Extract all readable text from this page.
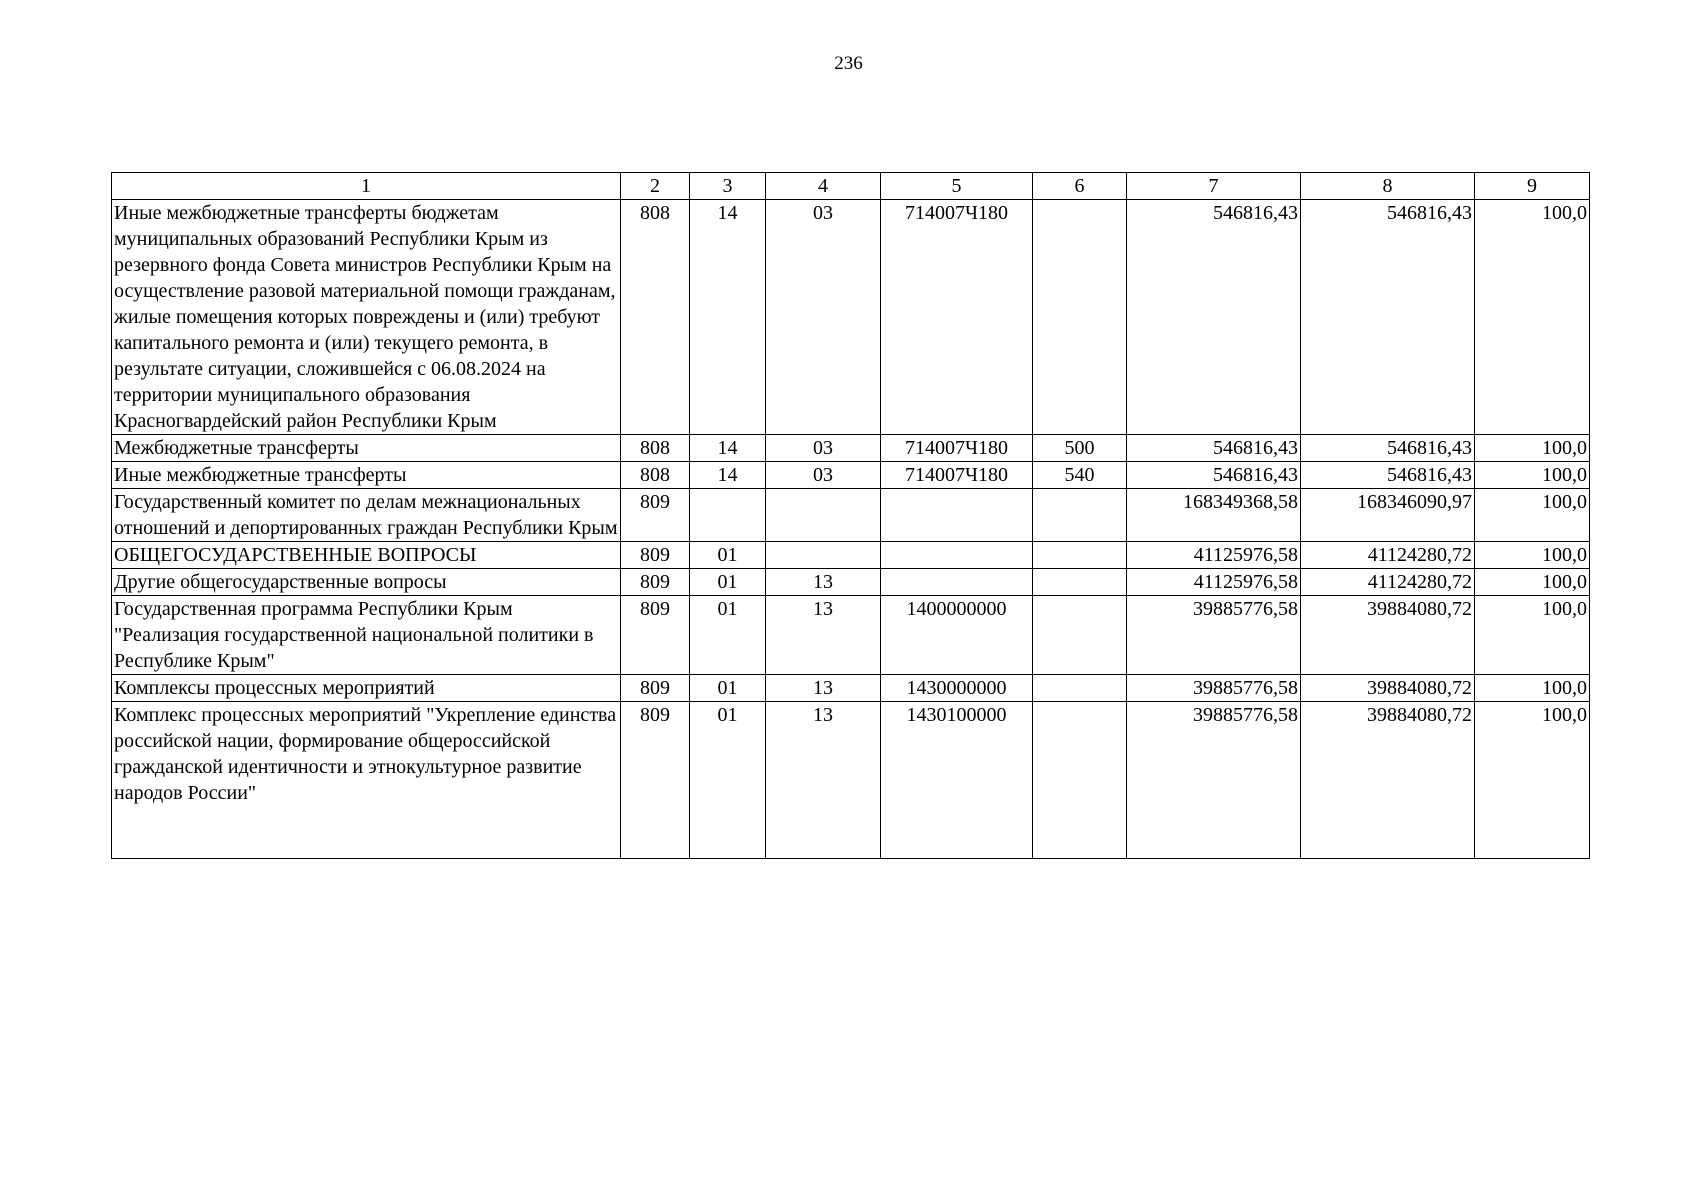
236
1	2	3	4	5	6	7	8	9
Иные межбюджетные трансферты бюджетам муниципальных образований Республики Крым из резервного фонда Совета министров Республики Крым на осуществление разовой материальной помощи гражданам, жилые помещения которых повреждены и (или) требуют капитального ремонта и (или) текущего ремонта, в результате ситуации, сложившейся с 06.08.2024 на территории муниципального образования Красногвардейский район Республики Крым	808	14	03	714007Ч180		546816,43	546816,43	100,0
Межбюджетные трансферты	808	14	03	714007Ч180	500	546816,43	546816,43	100,0
Иные межбюджетные трансферты	808	14	03	714007Ч180	540	546816,43	546816,43	100,0
Государственный комитет по делам межнациональных отношений и депортированных граждан Республики Крым	809					168349368,58	168346090,97	100,0
ОБЩЕГОСУДАРСТВЕННЫЕ ВОПРОСЫ	809	01				41125976,58	41124280,72	100,0
Другие общегосударственные вопросы	809	01	13			41125976,58	41124280,72	100,0
Государственная программа Республики Крым "Реализация государственной национальной политики в Республике Крым"	809	01	13	1400000000		39885776,58	39884080,72	100,0
Комплексы процессных мероприятий	809	01	13	1430000000		39885776,58	39884080,72	100,0
Комплекс процессных мероприятий "Укрепление единства российской нации, формирование общероссийской гражданской идентичности и этнокультурное развитие народов России"	809	01	13	1430100000		39885776,58	39884080,72	100,0
